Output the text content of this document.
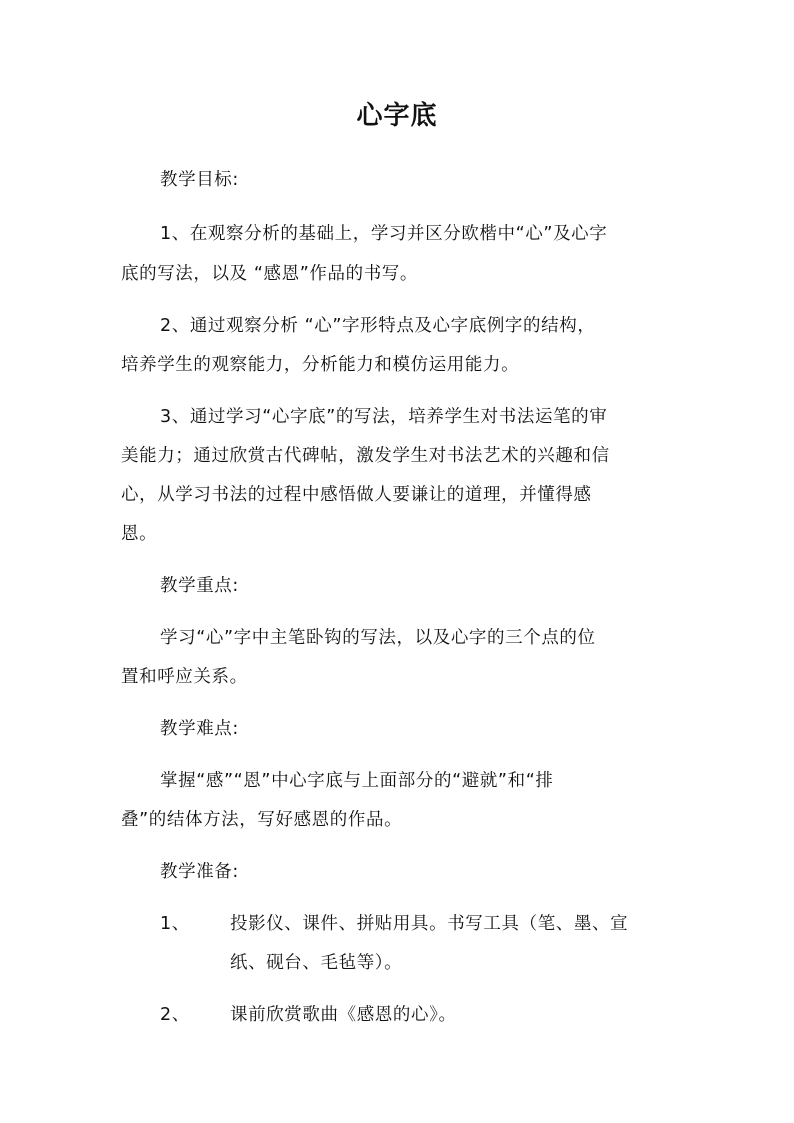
心字底
教学目标:
1、在观察分析的基础上，学习并区分欧楷中“心”及心字
底的写法，以及 “感恩”作品的书写。
2、通过观察分析 “心”字形特点及心字底例字的结构，
培养学生的观察能力，分析能力和模仿运用能力。
3、通过学习“心字底”的写法，培养学生对书法运笔的审
美能力；通过欣赏古代碑帖，激发学生对书法艺术的兴趣和信
心，从学习书法的过程中感悟做人要谦让的道理，并懂得感
恩。
教学重点:
学习“心”字中主笔卧钩的写法，以及心字的三个点的位
置和呼应关系。
教学难点:
掌握“感”“恩”中心字底与上面部分的“避就”和“排
叠”的结体方法，写好感恩的作品。
教学准备:
1、 投影仪、课件、拼贴用具。书写工具（笔、墨、宣
纸、砚台、毛毡等）。
2、 课前欣赏歌曲《感恩的心》。
